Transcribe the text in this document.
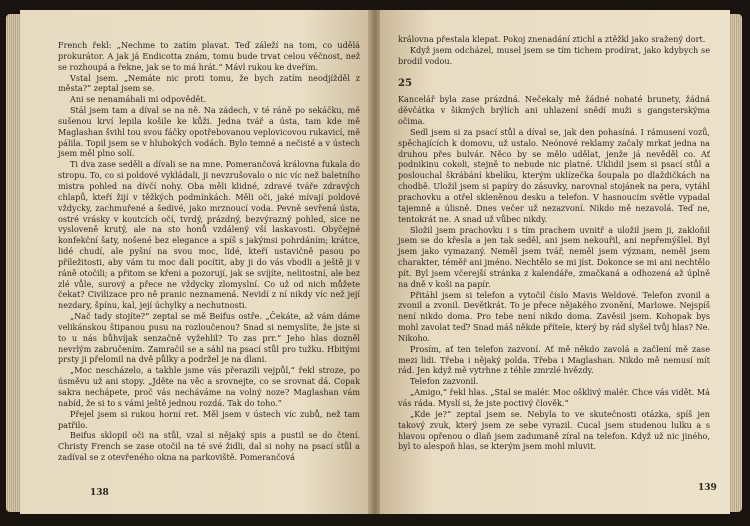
French řekl: „Nechme to zatím plavat. Teď záleží na tom, co udělá prokurátor. A jak já Endicotta znám, tomu bude trvat celou věčnost, než se rozhoupá a řekne, jak se to má hrát.“ Mávl rukou ke dveřím.

Vstal jsem. „Nemáte nic proti tomu, že bych zatím neodjížděl z města?“ zeptal jsem se.

Ani se nenamáhali mi odpovědět.

Stál jsem tam a díval se na ně. Na zádech, v té ráně po sekáčku, mě sušenou krví lepila košile ke kůži. Jedna tvář a ústa, tam kde mě Maglashan švihl tou svou fáčky opotřebovanou veplovicovou rukavicí, mě pálila. Topil jsem se v hlubokých vodách. Bylo temné a nečisté a v ústech jsem měl plno solí.

Ti dva zase seděli a dívali se na mne. Pomerančová královna fukala do stropu. To, co si poldové vykládali, ji nevzrušovalo o nic víc než baletního mistra pohled na dívčí nohy. Oba měli klidné, zdravé tváře zdravých chlapů, kteří žijí v těžkých podmínkách. Měli oči, jaké mívají poldové vždycky, zachmuřené a šedivé, jako mrznoucí voda. Pevně sevřená ústa, ostré vrásky v koutcích očí, tvrdý, prázdný, bezvýrazný pohled, sice ne vysloveně krutý, ale na sto honů vzdálený vší laskavosti. Obyčejné konfekční šaty, nošené bez elegance a spíš s jakýmsi pohrdáním; krátce, lidé chudí, ale pyšní na svou moc, lidé, kteří ustavičně pasou po příležitosti, aby vám tu moc dali pocítit, aby ji do vás vbodli a ještě ji v ráně otočili; a přitom se křeni a pozorují, jak se svíjíte, nelitostní, ale bez zlé vůle, surový a přece ne vždycky zlomyslní. Co už od nich můžete čekat? Civilizace pro ně pranic neznamená. Nevidí z ní nikdy víc než její nezdary, špínu, kal, její úchylky a nechutnosti.

„Nač tady stojíte?“ zeptal se mě Beifus ostře. „Čekáte, až vám dáme velikánskou štipanou pusu na rozloučenou? Snad si nemyslíte, že jste si to u nás bůhvíjak senzačně vyžehlil? To zas prr.“ Jeho hlas dozněl nevrlým zabručením. Zamračil se a sáhl na psací stůl pro tužku. Hbitými prsty ji přelomil na dvě půlky a podržel je na dlani.

„Moc nescházelo, a takhle jsme vás přerazili vejpůl,“ řekl stroze, po úsměvu už ani stopy. „Jděte na věc a srovnejte, co se srovnat dá. Copak sakra nechápete, proč vás necháváme na volný noze? Maglashan vám nabíd, že si to s vámi ještě jednou rozdá. Tak do toho.“

Přejel jsem si rukou horní ret. Měl jsem v ústech víc zubů, než tam patřilo.

Beifus sklopil oči na stůl, vzal si nějaký spis a pustil se do čtení. Christy French se zase otočil na té své židli, dal si nohy na psací stůl a zadíval se z otevřeného okna na parkoviště. Pomerančová

138

královna přestala klepat. Pokoj znenadání ztichl a ztěžkl jako sražený dort.

Když jsem odcházel, musel jsem se tím tichem prodírat, jako kdybych se brodil vodou.

25

Kancelář byla zase prázdná. Nečekaly mě žádné nohaté brunety, žádná děvčátka v šikmých brýlích ani uhlazení snědí muži s gangsterskýma očima.

Sedl jsem si za psací stůl a díval se, jak den pohasíná. I rámusení vozů, spěchajících k domovu, už ustalo. Neónové reklamy začaly mrkat jedna na druhou přes bulvár. Něco by se mělo udělat, jenže já nevěděl co. Ať podnikinu cokoli, stejně to nebude nic platné. Uklidil jsem si psací stůl a poslouchal škrábání kbelíku, kterým uklízečka šoupala po dlaždičkách na chodbě. Uložil jsem si papíry do zásuvky, narovnal stojánek na pera, vytáhl prachovku a otřel skleněnou desku a telefon. V hasnoucím světle vypadal tajemně a úlisně. Dnes večer už nezazvoní. Nikdo mě nezavolá. Teď ne, tentokrát ne. A snad už vůbec nikdy.

Složil jsem prachovku i s tím prachem uvnitř a uložil jsem ji, zakloňil jsem se do křesla a jen tak seděl, ani jsem nekouřil, ani nepřemýšlel. Byl jsem jako vymazaný. Neměl jsem tvář, neměl jsem význam, neměl jsem charakter, téměř ani jméno. Nechtělo se mi jíst. Dokonce se mi ani nechtělo pít. Byl jsem včerejší stránka z kalendáře, zmačkaná a odhozená až úplně na dně v koši na papír.

Přitáhl jsem si telefon a vytočil číslo Mavis Weldové. Telefon zvonil a zvonil a zvonil. Devětkrát. To je přece nějakého zvonění, Marlowe. Nejspíš není nikdo doma. Pro tebe není nikdo doma. Zavěsil jsem. Kohopak bys mohl zavolat teď? Snad máš někde přítele, který by rád slyšel tvůj hlas? Ne. Nikoho.

Prosím, ať ten telefon zazvoní. Ať mě někdo zavolá a začlení mě zase mezi lidi. Třeba i nějaký polda. Třeba i Maglashan. Nikdo mě nemusí mít rád. Jen když mě vytrhne z téhle zmrzlé hvězdy.

Telefon zazvonil.

„Amigo,“ řekl hlas. „Stal se malér. Moc ošklivý malér. Chce vás vidět. Má vás ráda. Myslí si, že jste poctivý člověk.“

„Kde je?“ zeptal jsem se. Nebyla to ve skutečnosti otázka, spíš jen takový zvuk, který jsem ze sebe vyrazil. Cucal jsem studenou lulku a s hlavou opřenou o dlaň jsem zadumaně zíral na telefon. Když už nic jiného, byl to alespoň hlas, se kterým jsem mohl mluvit.

139
